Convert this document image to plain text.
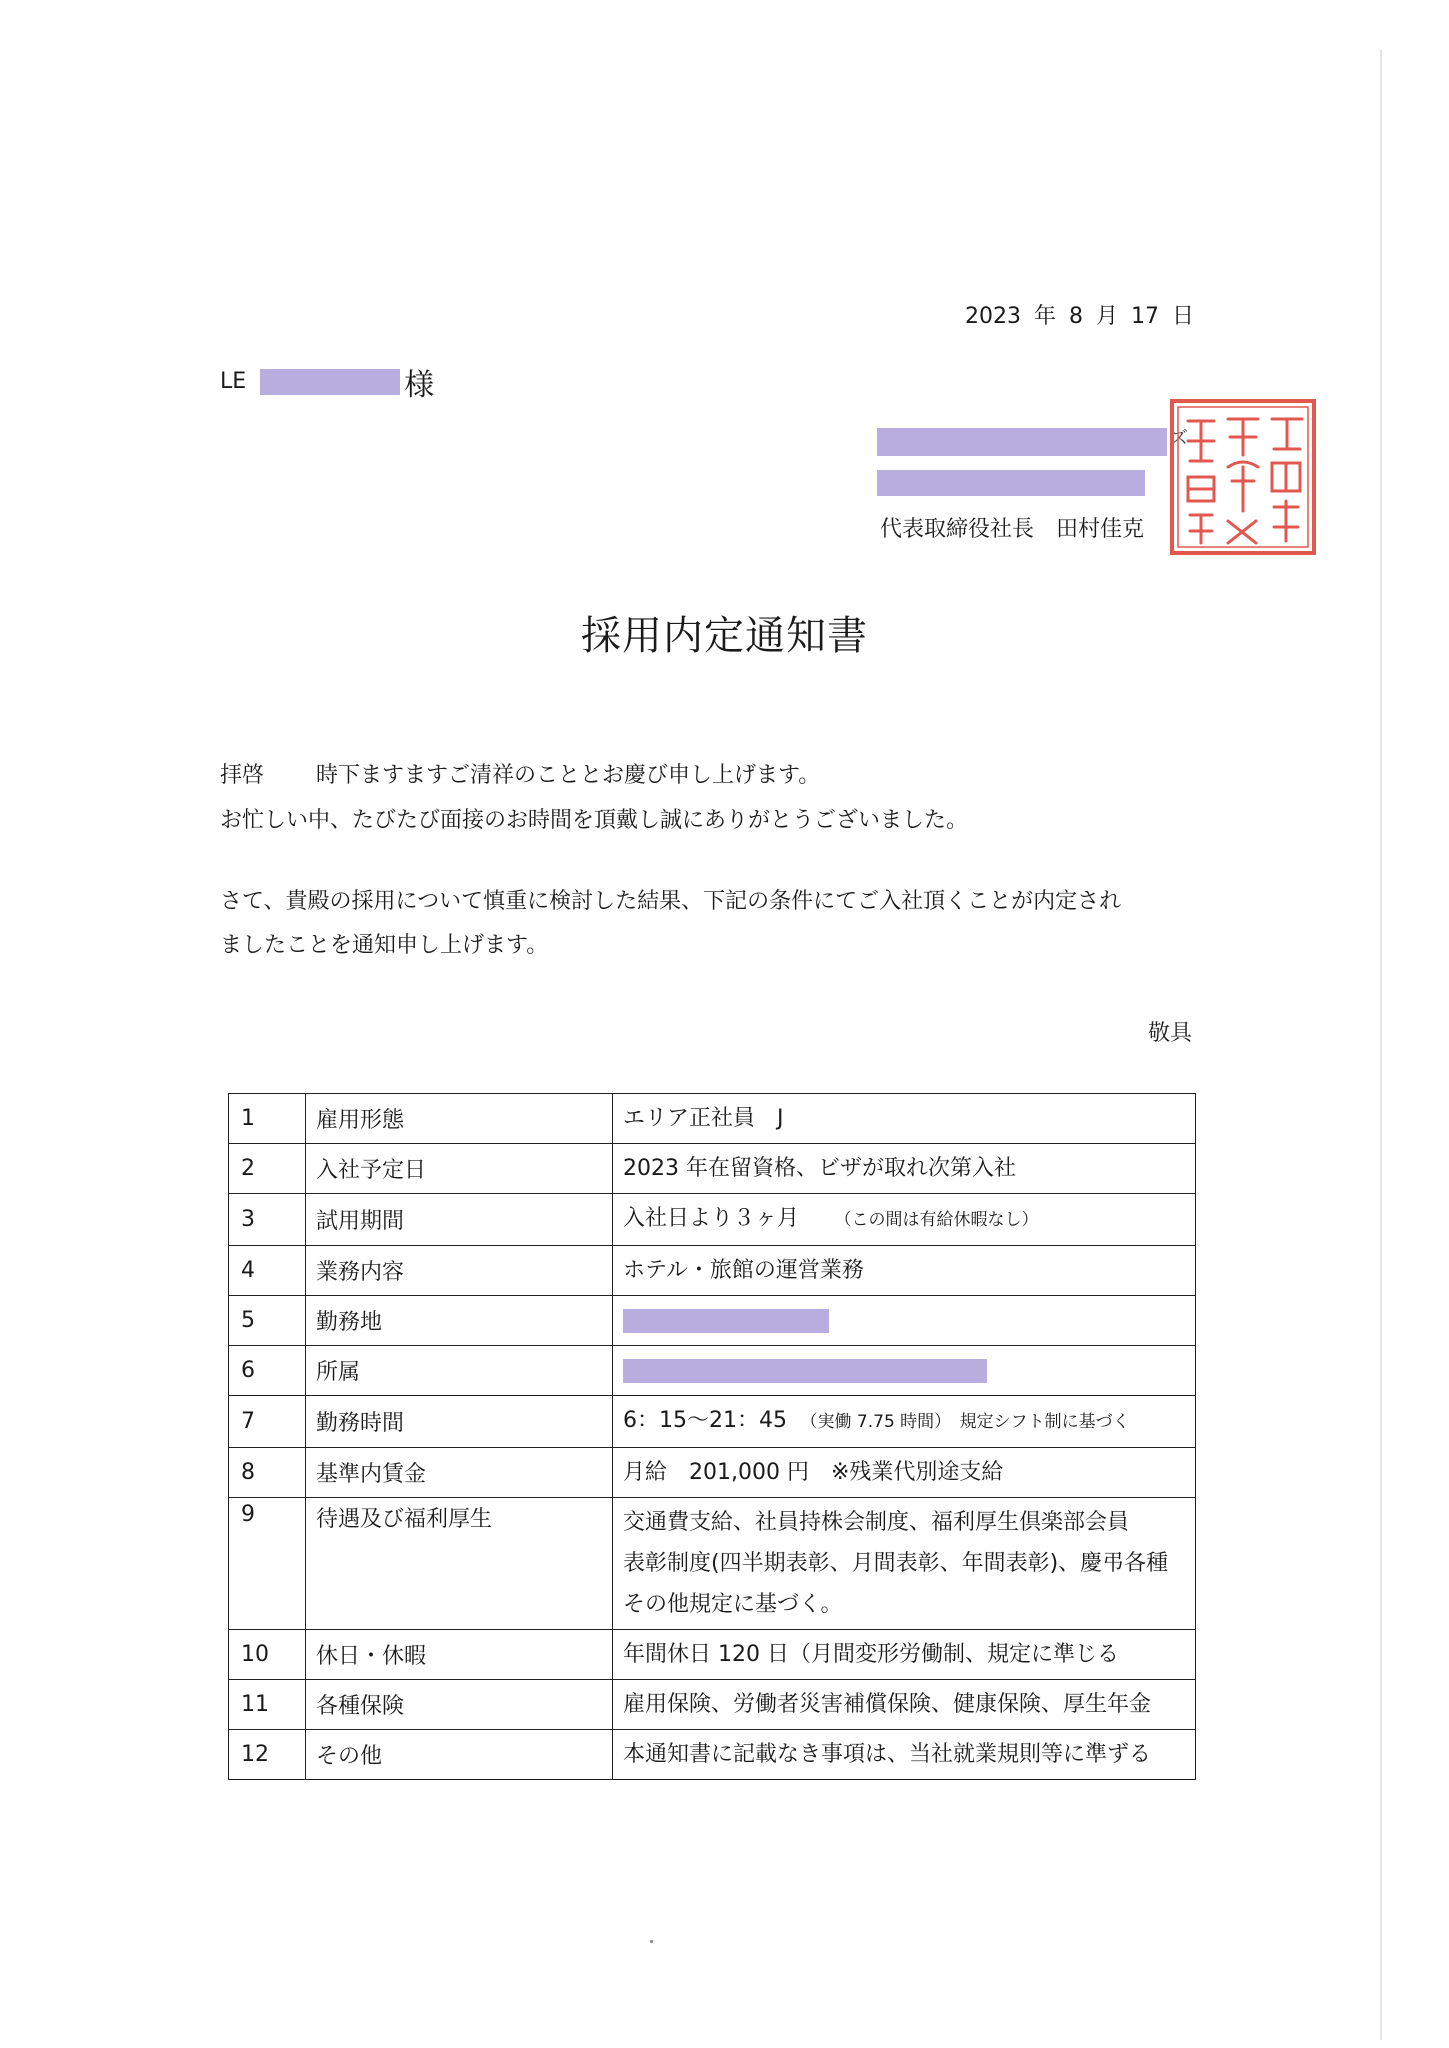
2023 年 8 月 17 日
LE	様
ズ
代表取締役社長　田村佳克
採用内定通知書
拝啓 時下ますますご清祥のこととお慶び申し上げます。
お忙しい中、たびたび面接のお時間を頂戴し誠にありがとうございました。
さて、貴殿の採用について慎重に検討した結果、下記の条件にてご入社頂くことが内定され
ましたことを通知申し上げます。
敬具
1	雇用形態	エリア正社員　J
2	入社予定日	2023 年在留資格、ビザが取れ次第入社
3	試用期間	入社日より３ヶ月　　 （この間は有給休暇なし）
4	業務内容	ホテル・旅館の運営業務
5	勤務地	
6	所属	
7	勤務時間	6：15～21：45　 （実働 7.75 時間）　規定シフト制に基づく
8	基準内賃金	月給　201,000 円　※残業代別途支給
9	待遇及び福利厚生	交通費支給、社員持株会制度、福利厚生倶楽部会員
表彰制度(四半期表彰、月間表彰、年間表彰)、慶弔各種
その他規定に基づく。

10	休日・休暇	年間休日 120 日（月間変形労働制、規定に準じる
11	各種保険	雇用保険、労働者災害補償保険、健康保険、厚生年金
12	その他	本通知書に記載なき事項は、当社就業規則等に準ずる
